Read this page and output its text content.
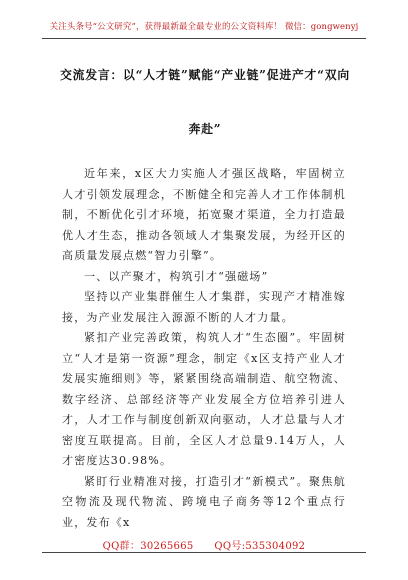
关注头条号“公文研究”，获得最新最全最专业的公文资料库！ 微信：gongwenyj
交流发言：以“人才链”赋能“产业链”促进产才“双向
奔赴”

近年来，x区大力实施人才强区战略，牢固树立人才引领发展理念，不断健全和完善人才工作体制机制，不断优化引才环境，拓宽聚才渠道，全力打造最优人才生态，推动各领域人才集聚发展，为经开区的高质量发展点燃“智力引擎”。

一、以产聚才，构筑引才“强磁场”

坚持以产业集群催生人才集群，实现产才精准嫁接，为产业发展注入源源不断的人才力量。

紧扣产业完善政策，构筑人才“生态圈”。牢固树立“人才是第一资源”理念，制定《x区支持产业人才发展实施细则》等，紧紧围绕高端制造、航空物流、数字经济、总部经济等产业发展全方位培养引进人才，人才工作与制度创新双向驱动，人才总量与人才密度互联提高。目前，全区人才总量9.14万人，人才密度达30.98%。

紧盯行业精准对接，打造引才“新模式”。聚焦航空物流及现代物流、跨境电子商务等12个重点行业，发布《x

QQ群：30265665      QQ号:535304092
